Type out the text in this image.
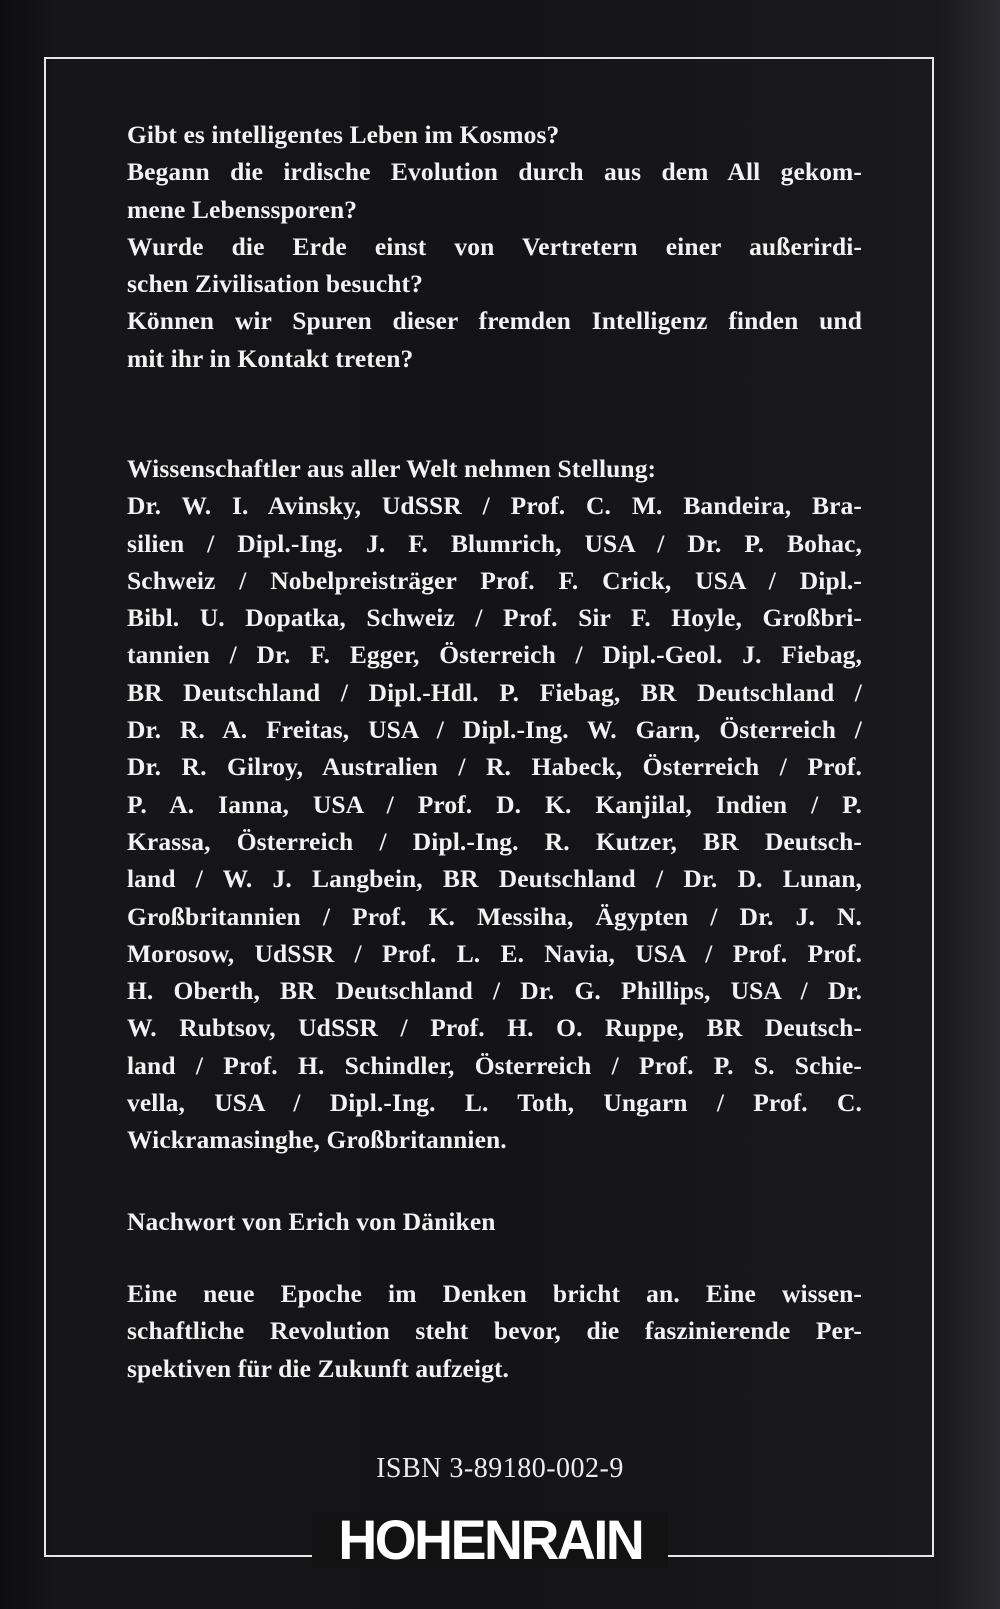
Gibt es intelligentes Leben im Kosmos?
Begann die irdische Evolution durch aus dem All gekom-
mene Lebenssporen?
Wurde die Erde einst von Vertretern einer außerirdi-
schen Zivilisation besucht?
Können wir Spuren dieser fremden Intelligenz finden und
mit ihr in Kontakt treten?
Wissenschaftler aus aller Welt nehmen Stellung:
Dr. W. I. Avinsky, UdSSR / Prof. C. M. Bandeira, Bra-
silien / Dipl.-Ing. J. F. Blumrich, USA / Dr. P. Bohac,
Schweiz / Nobelpreisträger Prof. F. Crick, USA / Dipl.-
Bibl. U. Dopatka, Schweiz / Prof. Sir F. Hoyle, Großbri-
tannien / Dr. F. Egger, Österreich / Dipl.-Geol. J. Fiebag,
BR Deutschland / Dipl.-Hdl. P. Fiebag, BR Deutschland /
Dr. R. A. Freitas, USA / Dipl.-Ing. W. Garn, Österreich /
Dr. R. Gilroy, Australien / R. Habeck, Österreich / Prof.
P. A. Ianna, USA / Prof. D. K. Kanjilal, Indien / P.
Krassa, Österreich / Dipl.-Ing. R. Kutzer, BR Deutsch-
land / W. J. Langbein, BR Deutschland / Dr. D. Lunan,
Großbritannien / Prof. K. Messiha, Ägypten / Dr. J. N.
Morosow, UdSSR / Prof. L. E. Navia, USA / Prof. Prof.
H. Oberth, BR Deutschland / Dr. G. Phillips, USA / Dr.
W. Rubtsov, UdSSR / Prof. H. O. Ruppe, BR Deutsch-
land / Prof. H. Schindler, Österreich / Prof. P. S. Schie-
vella, USA / Dipl.-Ing. L. Toth, Ungarn / Prof. C.
Wickramasinghe, Großbritannien.
Nachwort von Erich von Däniken
Eine neue Epoche im Denken bricht an. Eine wissen-
schaftliche Revolution steht bevor, die faszinierende Per-
spektiven für die Zukunft aufzeigt.
ISBN 3-89180-002-9
HOHENRAIN
